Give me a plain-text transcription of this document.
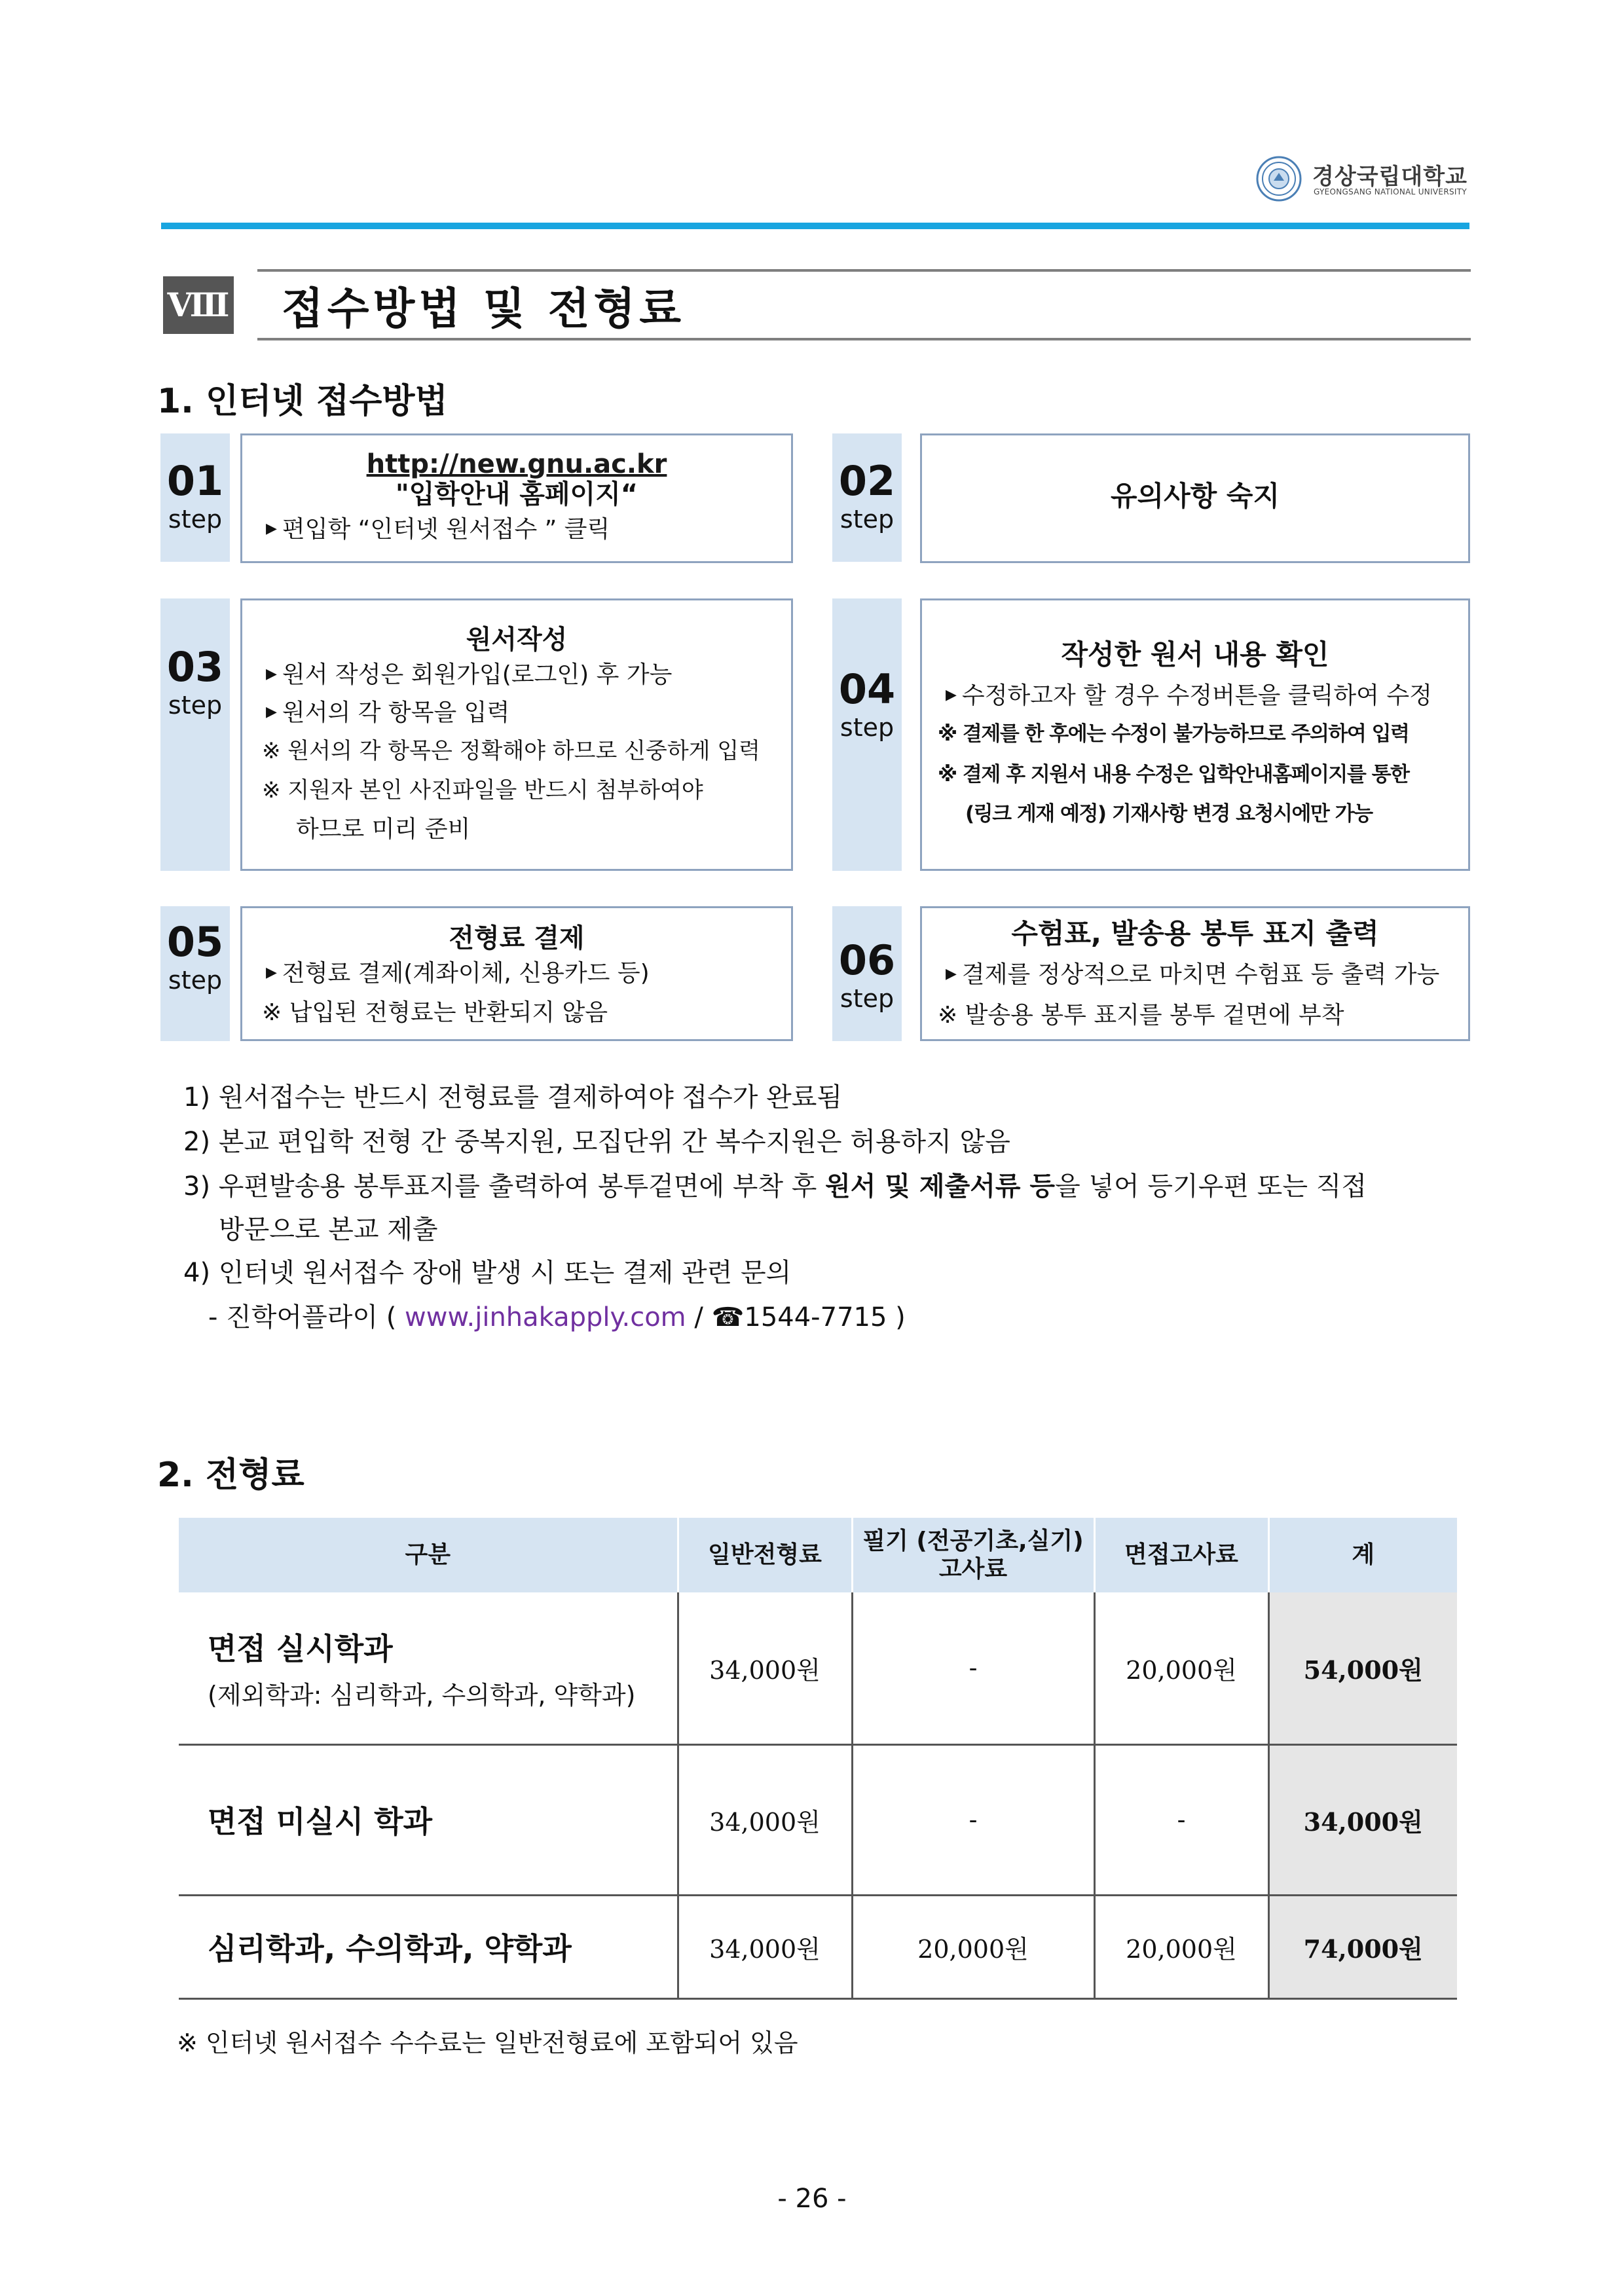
경상국립대학교
GYEONGSANG NATIONAL UNIVERSITY
Ⅷ 접수방법 및 전형료
1. 인터넷 접수방법
01
step
http://new.gnu.ac.kr
"입학안내 홈페이지“
▶ 편입학 “인터넷 원서접수 ” 클릭
02
step
유의사항 숙지
03
step
원서작성
▶ 원서 작성은 회원가입(로그인) 후 가능
▶ 원서의 각 항목을 입력
※ 원서의 각 항목은 정확해야 하므로 신중하게 입력
※ 지원자 본인 사진파일을 반드시 첨부하여야
하므로 미리 준비
04
step
작성한 원서 내용 확인
▶ 수정하고자 할 경우 수정버튼을 클릭하여 수정
※ 결제를 한 후에는 수정이 불가능하므로 주의하여 입력
※ 결제 후 지원서 내용 수정은 입학안내홈페이지를 통한
(링크 게재 예정) 기재사항 변경 요청시에만 가능
05
step
전형료 결제
▶ 전형료 결제(계좌이체, 신용카드 등)
※ 납입된 전형료는 반환되지 않음
06
step
수험표, 발송용 봉투 표지 출력
▶ 결제를 정상적으로 마치면 수험표 등 출력 가능
※ 발송용 봉투 표지를 봉투 겉면에 부착
1) 원서접수는 반드시 전형료를 결제하여야 접수가 완료됨
2) 본교 편입학 전형 간 중복지원, 모집단위 간 복수지원은 허용하지 않음
3) 우편발송용 봉투표지를 출력하여 봉투겉면에 부착 후 원서 및 제출서류 등을 넣어 등기우편 또는 직접
방문으로 본교 제출
4) 인터넷 원서접수 장애 발생 시 또는 결제 관련 문의
- 진학어플라이 ( www.jinhakapply.com / ☎1544-7715 )
2. 전형료
구분	일반전형료	필기 (전공기초,실기)
고사료	면접고사료	계

면접 실시학과
(제외학과: 심리학과, 수의학과, 약학과)	34,000원	-	20,000원	54,000원

면접 미실시 학과	34,000원	-	-	34,000원

심리학과, 수의학과, 약학과	34,000원	20,000원	20,000원	74,000원
※ 인터넷 원서접수 수수료는 일반전형료에 포함되어 있음
- 26 -
